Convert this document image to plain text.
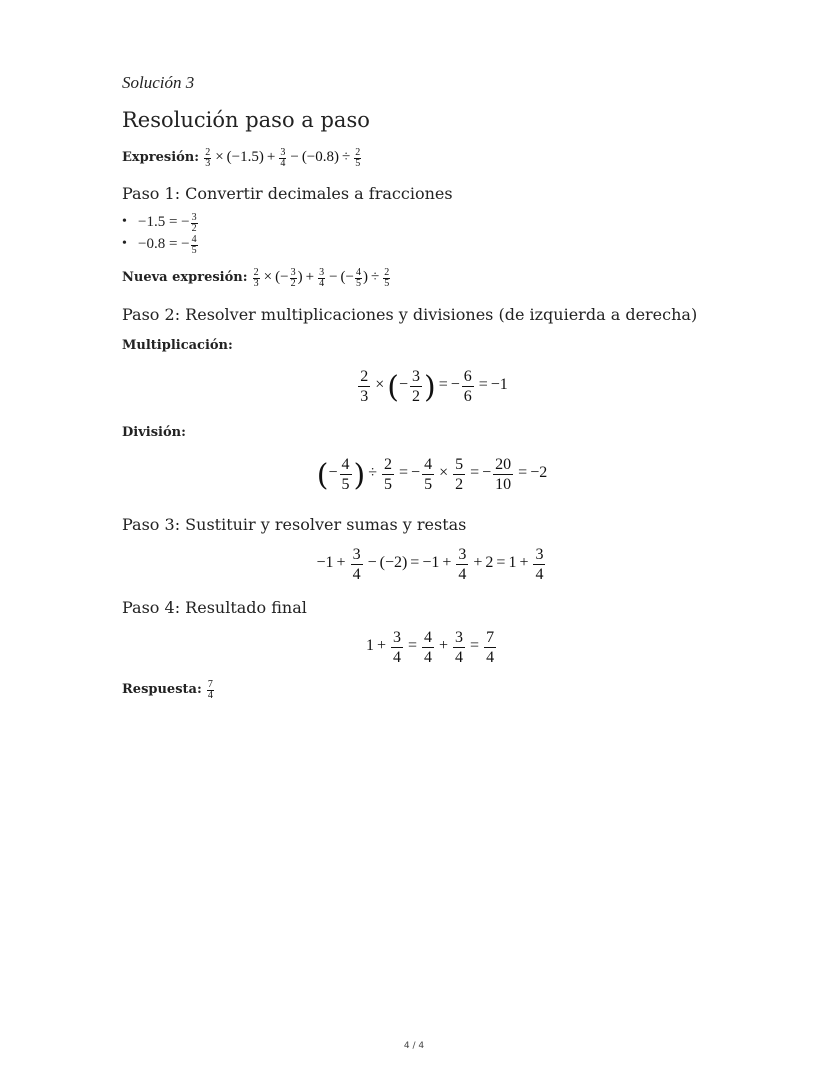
Solución 3

Resolución paso a paso
Expresión: $\frac{2}{3} \times (-1.5) + \frac{3}{4} - (-0.8) \div \frac{2}{5}$
Paso 1: Convertir decimales a fracciones
• −1.5 = − $\frac{3}{2}$
• −0.8 = − $\frac{4}{5}$
Nueva expresión: $\frac{2}{3}$ × (− $\frac{3}{2}$ ) + $\frac{3}{4}$ − (− $\frac{4}{5}$ ) ÷ $\frac{2}{5}$
Paso 2: Resolver multiplicaciones y divisiones (de izquierda a derecha)
Multiplicación:
$\frac{2}{3}$ × (− $\frac{3}{2}$ ) = − $\frac{6}{6} = -1$
División:
(− $\frac{4}{5}$ ) ÷ $\frac{2}{5}$ = − $\frac{4}{5} \times \frac{5}{2}$ = − $\frac{20}{10} = -2$
Paso 3: Sustituir y resolver sumas y restas
$-1 + \frac{3}{4} - (-2) = -1 + \frac{3}{4} + 2 = 1 + \frac{3}{4}$
Paso 4: Resultado final
$1 + \frac{3}{4} = \frac{4}{4} + \frac{3}{4} = \frac{7}{4}$
Respuesta: $\frac{7}{4}$
4 / 4
